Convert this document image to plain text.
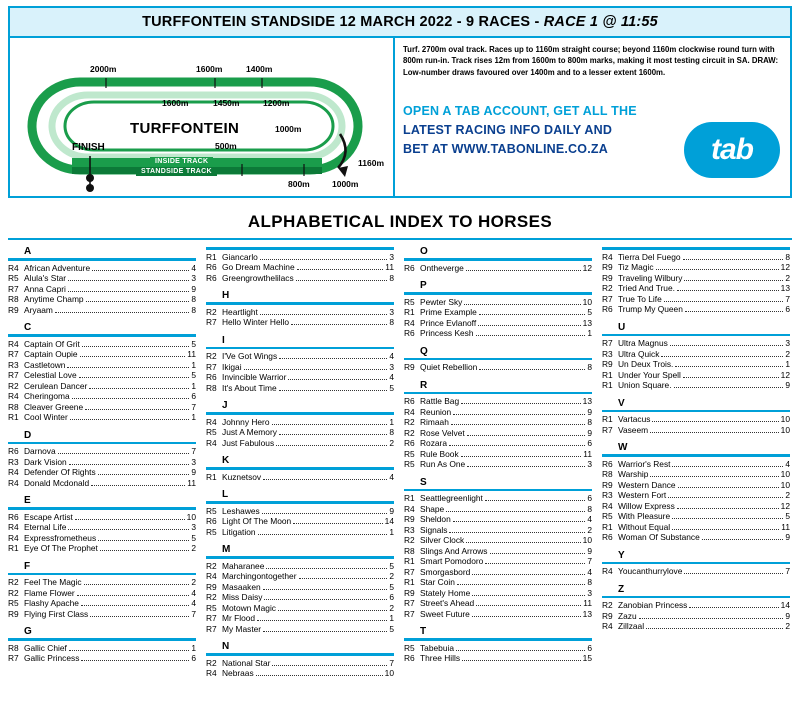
TURFFONTEIN STANDSIDE 12 MARCH 2022 - 9 RACES - RACE 1 @ 11:55
2000m	1600m	1400m
1600m	1450m	1200m
1000m
500m
1160m
800m	1000m
TURFFONTEIN
FINISH
INSIDE TRACK
STANDSIDE TRACK
Turf. 2700m oval track. Races up to 1160m straight course; beyond 1160m clockwise round turn with 800m run-in. Track rises 12m from 1600m to 800m marks, making it most testing circuit in SA. DRAW: Low-number draws favoured over 1400m and to a lesser extent 1600m.
OPEN A TAB ACCOUNT, GET ALL THE
LATEST RACING INFO DAILY AND
BET AT WWW.TABONLINE.CO.ZA	tab
ALPHABETICAL INDEX TO HORSES
A
R4 African Adventure	4
R5 Alula's Star	3
R7 Anna Capri	9
R8 Anytime Champ	8
R9 Aryaam	8
C
R4 Captain Of Grit	5
R7 Captain Oupie	11
R3 Castletown	1
R7 Celestial Love	5
R2 Cerulean Dancer	1
R4 Cheringoma	6
R8 Cleaver Greene	7
R1 Cool Winter	1
D
R6 Darnova	7
R3 Dark Vision	3
R4 Defender Of Rights	9
R4 Donald Mcdonald	11
E
R6 Escape Artist	10
R4 Eternal Life	3
R4 Expressfrometheus	5
R1 Eye Of The Prophet	2
F
R2 Feel The Magic	2
R2 Flame Flower	4
R5 Flashy Apache	4
R9 Flying First Class	7
G
R8 Gallic Chief	1
R7 Gallic Princess	6
R1 Giancarlo	3
R6 Go Dream Machine	11
R6 Greengrowthelilacs	8
H
R2 Heartlight	3
R7 Hello Winter Hello	8
I
R2 I'Ve Got Wings	4
R7 Ikigai	3
R6 Invincible Warrior	4
R8 It's About Time	5
J
R4 Johnny Hero	1
R5 Just A Memory	8
R4 Just Fabulous	2
K
R1 Kuznetsov	4
L
R5 Leshawes	9
R6 Light Of The Moon	14
R5 Litigation	1
M
R2 Maharanee	5
R4 Marchingontogether	2
R9 Masaaken	5
R2 Miss Daisy	6
R5 Motown Magic	2
R7 Mr Flood	1
R7 My Master	5
N
R2 National Star	7
R4 Nebraas	10
O
R6 Ontheverge	12
P
R5 Pewter Sky	10
R1 Prime Example	5
R4 Prince Evlanoff	13
R6 Princess Kesh	1
Q
R9 Quiet Rebellion	8
R
R6 Rattle Bag	13
R4 Reunion	9
R2 Rimaah	8
R2 Rose Velvet	9
R6 Rozara	6
R5 Rule Book	11
R5 Run As One	3
S
R1 Seattlegreenlight	6
R4 Shape	8
R9 Sheldon	4
R3 Signals	2
R2 Silver Clock	10
R8 Slings And Arrows	9
R1 Smart Pomodoro	7
R7 Smorgasbord	4
R1 Star Coin	8
R9 Stately Home	3
R7 Street's Ahead	11
R7 Sweet Future	13
T
R5 Tabebuia	6
R6 Three Hills	15
R4 Tierra Del Fuego	8
R9 Tiz Magic	12
R9 Traveling Wilbury	2
R2 Tried And True.	13
R7 True To Life	7
R6 Trump My Queen	6
U
R7 Ultra Magnus	3
R3 Ultra Quick	2
R9 Un Deux Trois.	1
R1 Under Your Spell	12
R1 Union Square.	9
V
R1 Vartacus	10
R7 Vaseem	10
W
R6 Warrior's Rest	4
R8 Warship	10
R9 Western Dance	10
R3 Western Fort	2
R4 Willow Express	12
R5 With Pleasure	5
R1 Without Equal	11
R6 Woman Of Substance	9
Y
R4 Youcanthurrylove	7
Z
R2 Zanobian Princess	14
R9 Zazu	9
R4 Zillzaal	2
